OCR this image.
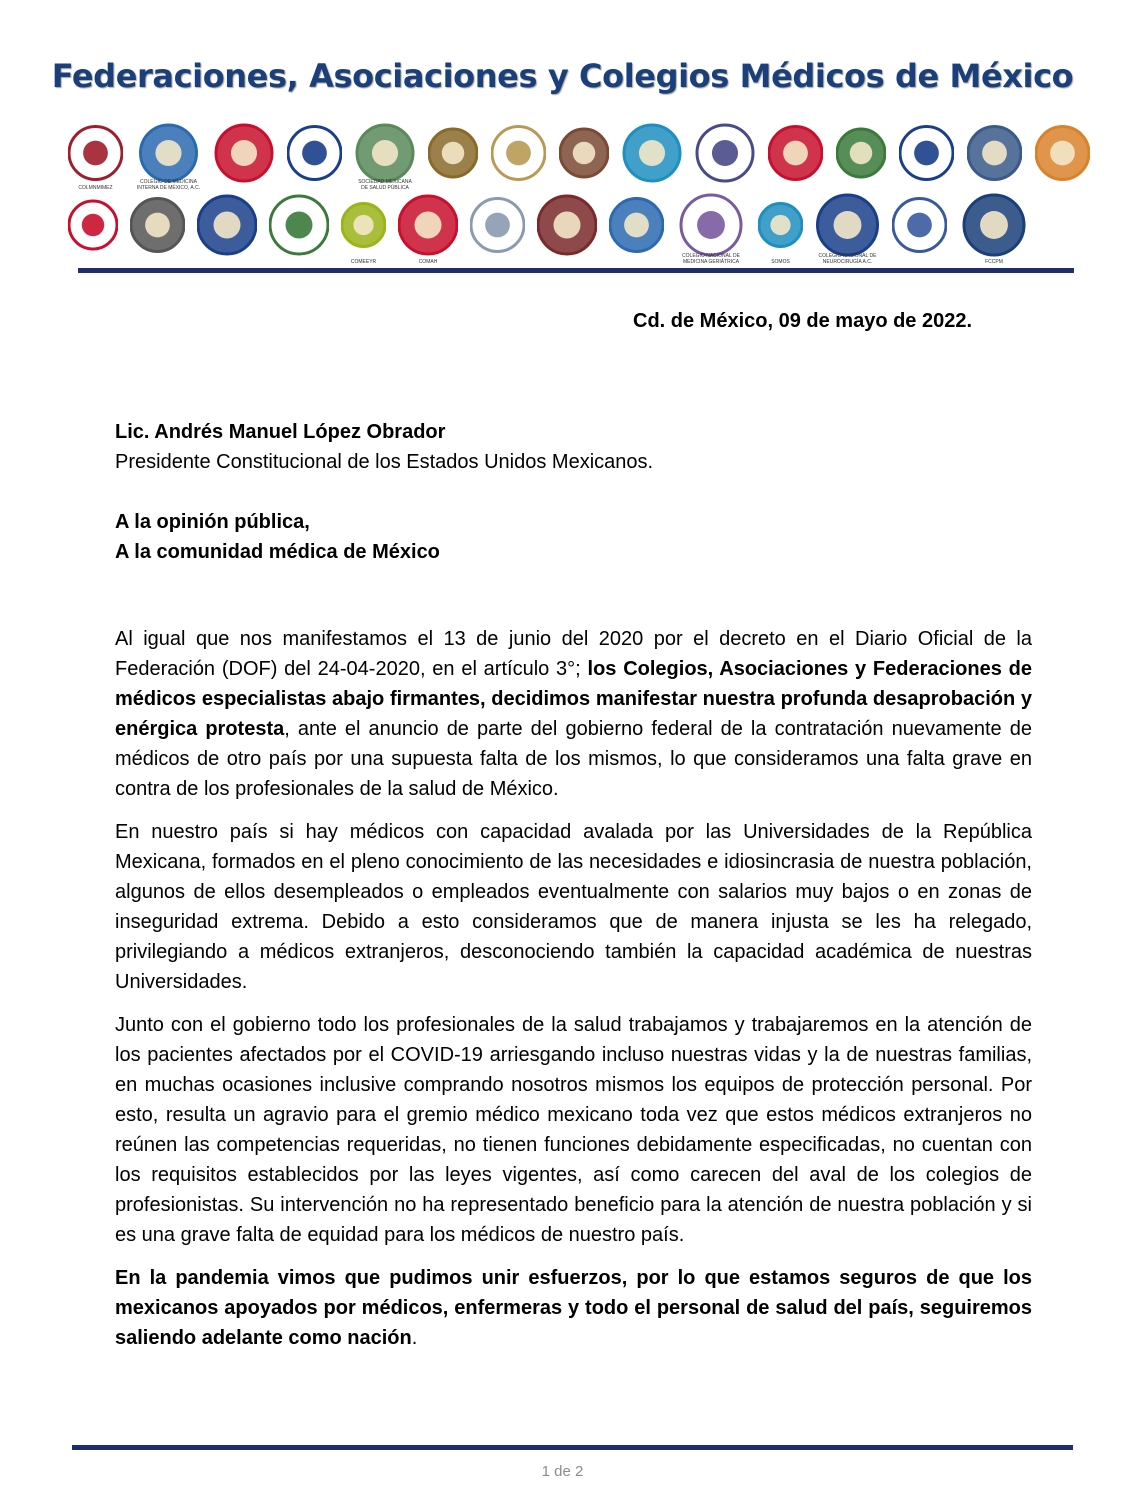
Federaciones, Asociaciones y Colegios Médicos de México
COLMNMIMEZ
COLEGIO DE MEDICINA INTERNA DE MÉXICO, A.C.
SOCIEDAD MEXICANA DE SALUD PÚBLICA
COMEEYR	COMAH
COLEGIO NACIONAL DE MEDICINA GERIÁTRICA	SOMOS
COLEGIO NACIONAL DE NEUROCIRUGÍA A.C.	FCCPM
Cd. de México, 09 de mayo de 2022.
Lic. Andrés Manuel López Obrador
Presidente Constitucional de los Estados Unidos Mexicanos.
A la opinión pública,
A la comunidad médica de México

Al igual que nos manifestamos el 13 de junio del 2020 por el decreto en el Diario Oficial de la Federación (DOF) del 24-04-2020, en el artículo 3°; los Colegios, Asociaciones y Federaciones de médicos especialistas abajo firmantes, decidimos manifestar nuestra profunda desaprobación y enérgica protesta, ante el anuncio de parte del gobierno federal de la contratación nuevamente de médicos de otro país por una supuesta falta de los mismos, lo que consideramos una falta grave en contra de los profesionales de la salud de México.

En nuestro país si hay médicos con capacidad avalada por las Universidades de la República Mexicana, formados en el pleno conocimiento de las necesidades e idiosincrasia de nuestra población, algunos de ellos desempleados o empleados eventualmente con salarios muy bajos o en zonas de inseguridad extrema. Debido a esto consideramos que de manera injusta se les ha relegado, privilegiando a médicos extranjeros, desconociendo también la capacidad académica de nuestras Universidades.

Junto con el gobierno todo los profesionales de la salud trabajamos y trabajaremos en la atención de los pacientes afectados por el COVID-19 arriesgando incluso nuestras vidas y la de nuestras familias, en muchas ocasiones inclusive comprando nosotros mismos los equipos de protección personal. Por esto, resulta un agravio para el gremio médico mexicano toda vez que estos médicos extranjeros no reúnen las competencias requeridas, no tienen funciones debidamente especificadas, no cuentan con los requisitos establecidos por las leyes vigentes, así como carecen del aval de los colegios de profesionistas. Su intervención no ha representado beneficio para la atención de nuestra población y si es una grave falta de equidad para los médicos de nuestro país.

En la pandemia vimos que pudimos unir esfuerzos, por lo que estamos seguros de que los mexicanos apoyados por médicos, enfermeras y todo el personal de salud del país, seguiremos saliendo adelante como nación.

1 de 2
